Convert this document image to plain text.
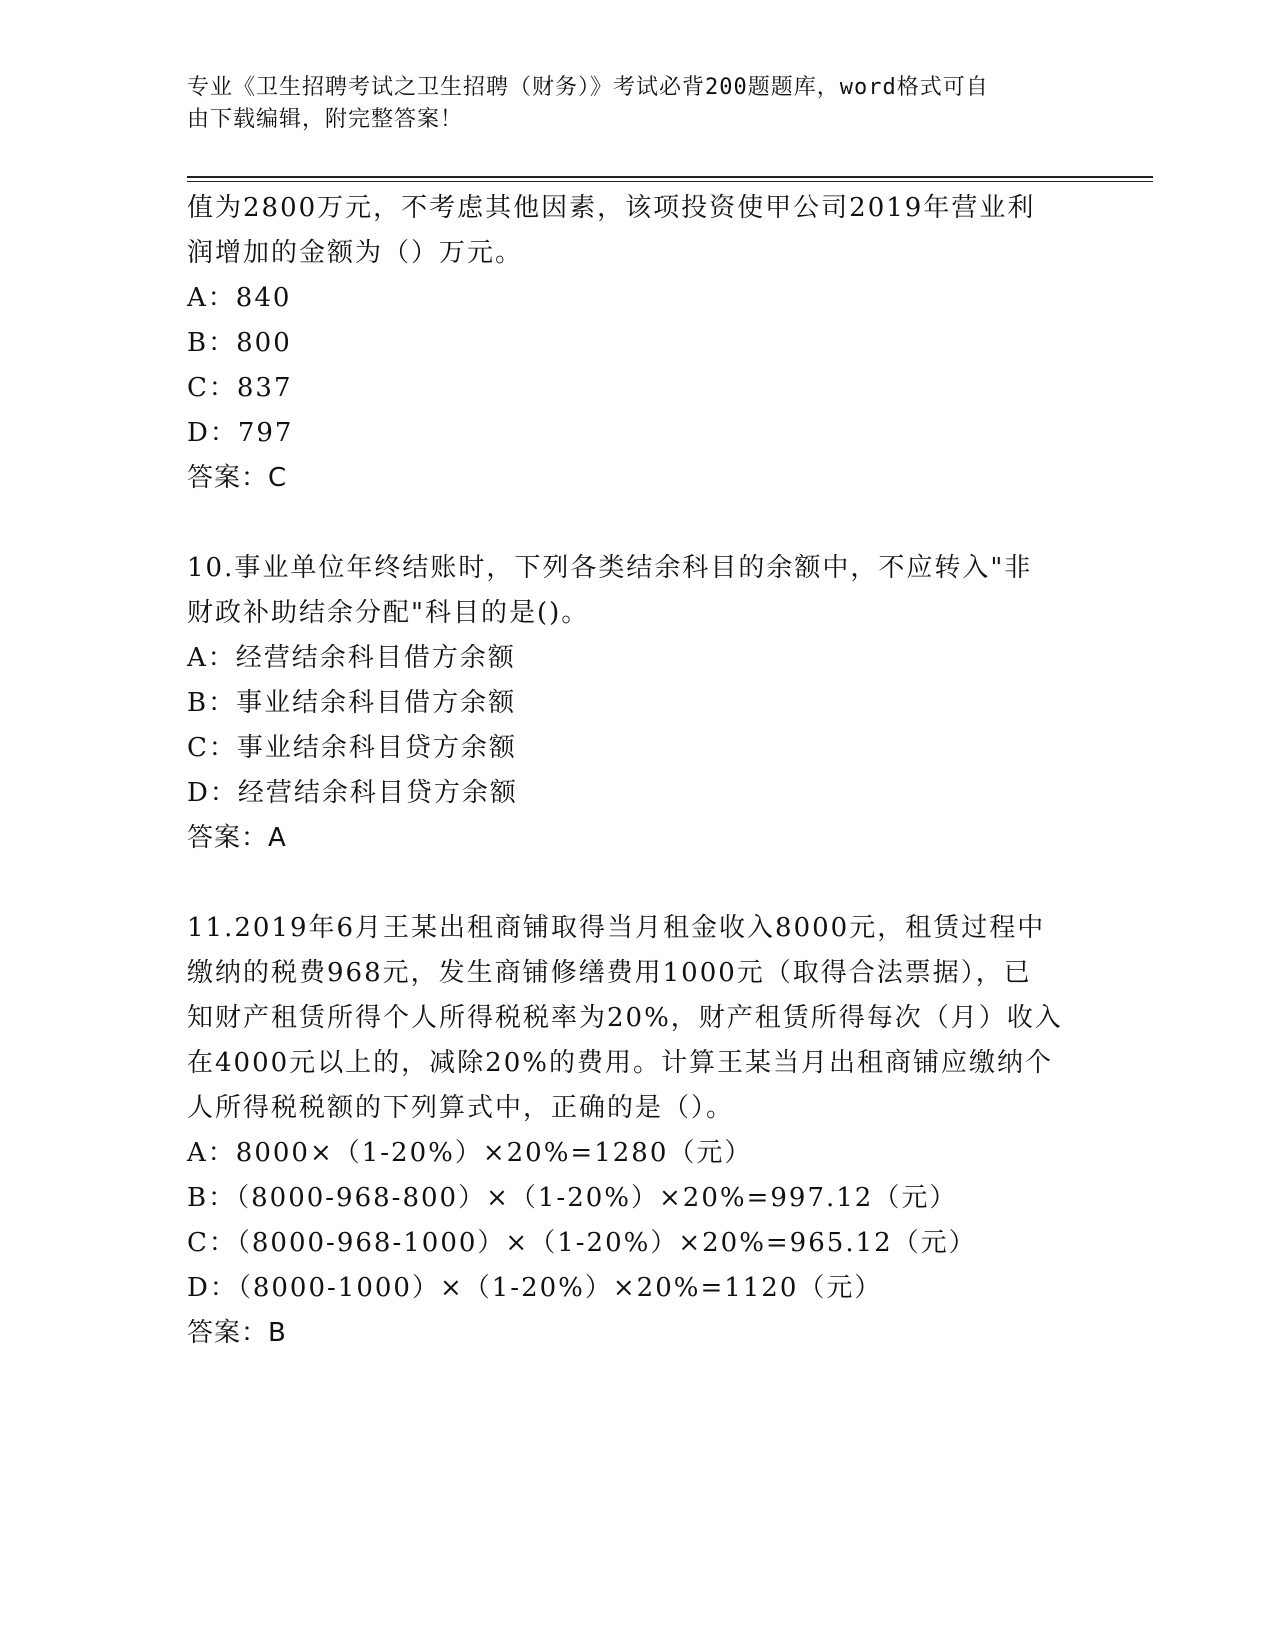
专业《卫生招聘考试之卫生招聘（财务）》考试必背200题题库，word格式可自
由下载编辑，附完整答案！
值为2800万元，不考虑其他因素，该项投资使甲公司2019年营业利
润增加的金额为（）万元。
A：840
B：800
C：837
D：797
答案：C
10.事业单位年终结账时，下列各类结余科目的余额中，不应转入"非
财政补助结余分配"科目的是()。
A：经营结余科目借方余额
B：事业结余科目借方余额
C：事业结余科目贷方余额
D：经营结余科目贷方余额
答案：A
11.2019年6月王某出租商铺取得当月租金收入8000元，租赁过程中
缴纳的税费968元，发生商铺修缮费用1000元（取得合法票据），已
知财产租赁所得个人所得税税率为20%，财产租赁所得每次（月）收入
在4000元以上的，减除20%的费用。计算王某当月出租商铺应缴纳个
人所得税税额的下列算式中，正确的是（）。
A：8000×（1-20%）×20%=1280（元）
B：（8000-968-800）×（1-20%）×20%=997.12（元）
C：（8000-968-1000）×（1-20%）×20%=965.12（元）
D：（8000-1000）×（1-20%）×20%=1120（元）
答案：B
